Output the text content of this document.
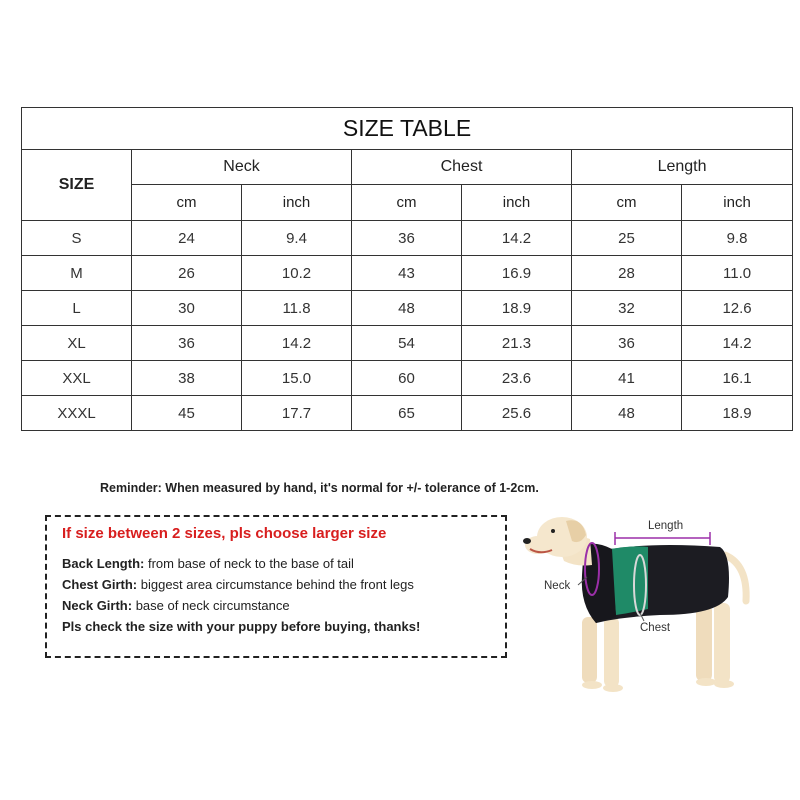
SIZE TABLE						
SIZE	Neck		Chest		Length	
	cm	inch	cm	inch	cm	inch
S	24	9.4	36	14.2	25	9.8
M	26	10.2	43	16.9	28	11.0
L	30	11.8	48	18.9	32	12.6
XL	36	14.2	54	21.3	36	14.2
XXL	38	15.0	60	23.6	41	16.1
XXXL	45	17.7	65	25.6	48	18.9
Reminder: When measured by hand, it's normal for +/- tolerance of 1-2cm.
If size between 2 sizes, pls choose larger size
Back Length: from base of neck to the base of tail
Chest Girth: biggest area circumstance behind the front legs
Neck Girth: base of neck circumstance
Pls check the size with your puppy before buying, thanks!
Length
Neck
Chest
